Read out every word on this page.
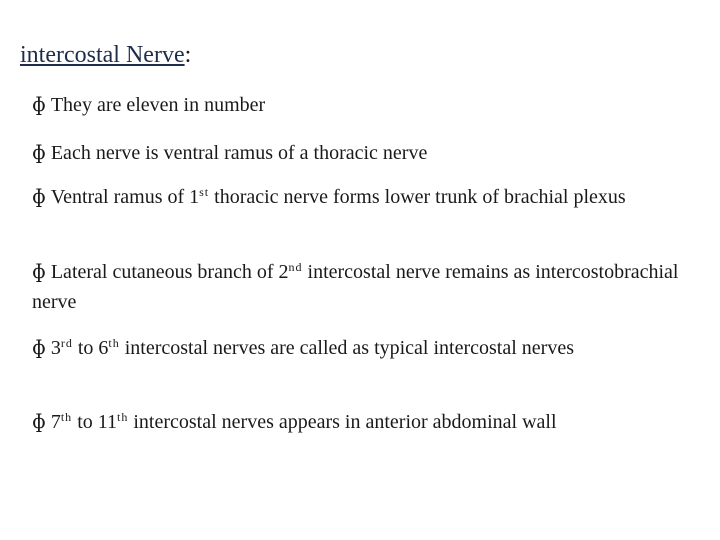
intercostal Nerve:
ɸ They are eleven in number
ɸ Each nerve is ventral ramus of a thoracic nerve
ɸ Ventral ramus of 1st thoracic nerve forms lower trunk of brachial plexus
ɸ Lateral cutaneous branch of 2nd intercostal nerve remains as intercostobrachial nerve
ɸ 3rd to 6th intercostal nerves are called as typical intercostal nerves
ɸ 7th to 11th intercostal nerves appears in anterior abdominal wall
